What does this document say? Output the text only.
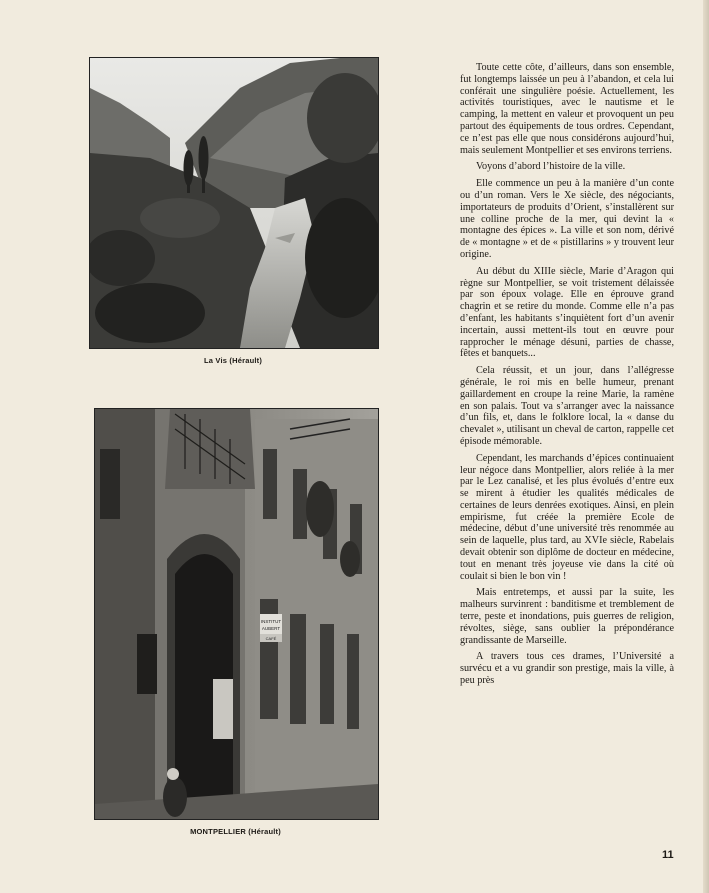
La Vis (Hérault)
INSTITUT
AUBERT
CAFÉ
MONTPELLIER (Hérault)

Toute cette côte, d’ailleurs, dans son ensemble, fut longtemps laissée un peu à l’abandon, et cela lui conférait une singulière poésie. Actuellement, les activités touristiques, avec le nautisme et le camping, la mettent en valeur et provoquent un peu partout des équipements de tous ordres. Cependant, ce n’est pas elle que nous considérons aujourd’hui, mais seulement Montpellier et ses environs terriens.

Voyons d’abord l’histoire de la ville.

Elle commence un peu à la manière d’un conte ou d’un roman. Vers le Xe siècle, des négociants, importateurs de produits d’Orient, s’installèrent sur une colline proche de la mer, qui devint la « montagne des épices ». La ville et son nom, dérivé de « montagne » et de « pistillarins » y trouvent leur origine.

Au début du XIIIe siècle, Marie d’Aragon qui règne sur Montpellier, se voit tristement délaissée par son époux volage. Elle en éprouve grand chagrin et se retire du monde. Comme elle n’a pas d’enfant, les habitants s’inquiètent fort d’un avenir incertain, aussi mettent-ils tout en œuvre pour rapprocher le ménage désuni, parties de chasse, fêtes et banquets...

Cela réussit, et un jour, dans l’allégresse générale, le roi mis en belle humeur, prenant gaillardement en croupe la reine Marie, la ramène en son palais. Tout va s’arranger avec la naissance d’un fils, et, dans le folklore local, la « danse du chevalet », utilisant un cheval de carton, rappelle cet épisode mémorable.

Cependant, les marchands d’épices continuaient leur négoce dans Montpellier, alors reliée à la mer par le Lez canalisé, et les plus évolués d’entre eux se mirent à étudier les qualités médicales de certaines de leurs denrées exotiques. Ainsi, en plein empirisme, fut créée la première Ecole de médecine, début d’une université très renommée au sein de laquelle, plus tard, au XVIe siècle, Rabelais devait obtenir son diplôme de docteur en médecine, tout en menant très joyeuse vie dans la cité où coulait si bien le bon vin !

Mais entretemps, et aussi par la suite, les malheurs survinrent : banditisme et tremblement de terre, peste et inondations, puis guerres de religion, révoltes, siège, sans oublier la prépondérance grandissante de Marseille.

A travers tous ces drames, l’Université a survécu et a vu grandir son prestige, mais la ville, à peu près

11
